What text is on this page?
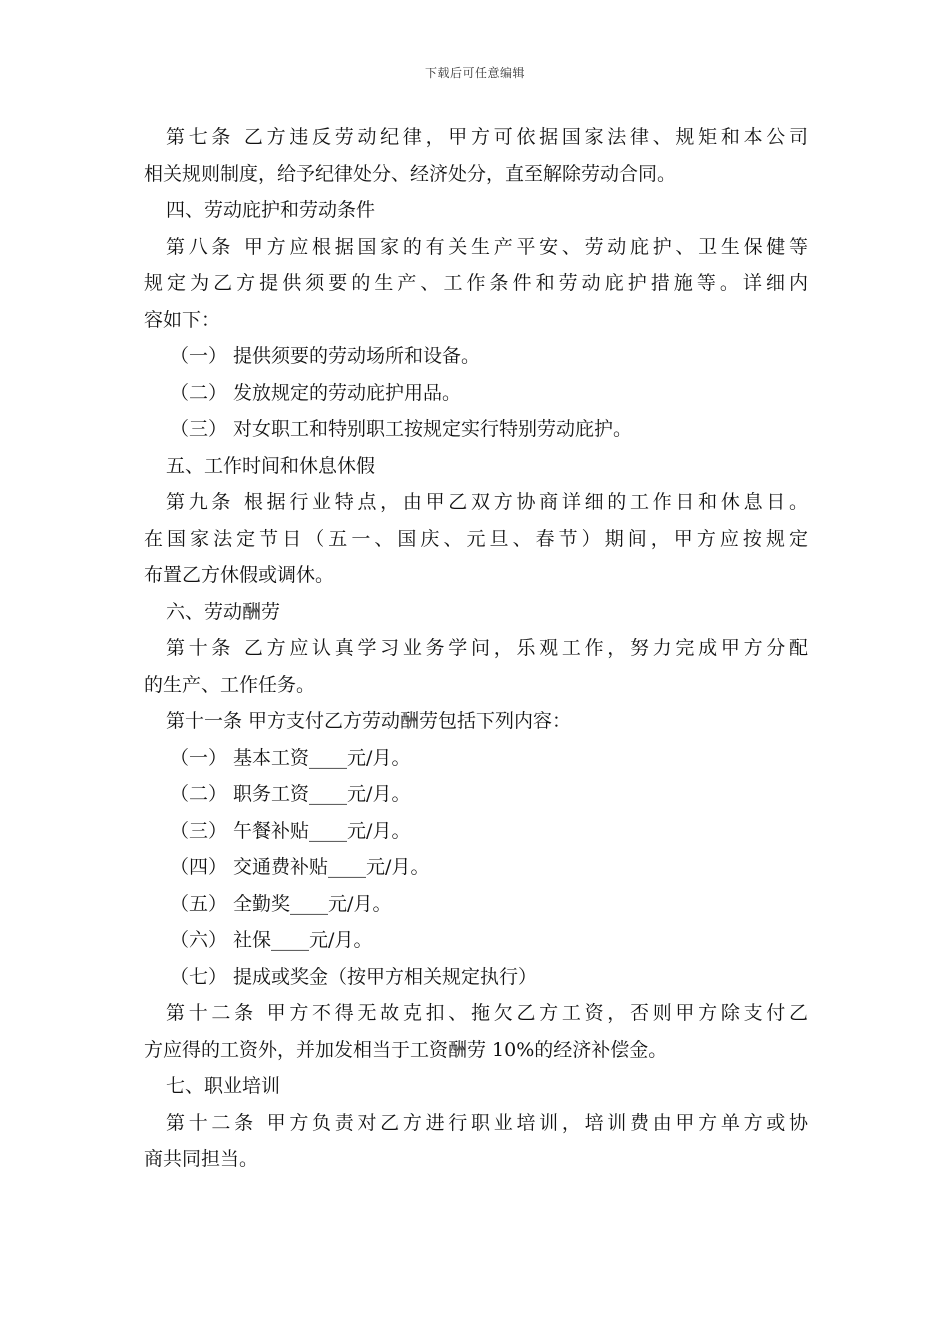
下载后可任意编辑
第七条 乙方违反劳动纪律，甲方可依据国家法律、规矩和本公司
相关规则制度，给予纪律处分、经济处分，直至解除劳动合同。
四、劳动庇护和劳动条件
第八条 甲方应根据国家的有关生产平安、劳动庇护、卫生保健等
规定为乙方提供须要的生产、工作条件和劳动庇护措施等。详细内
容如下：
（一） 提供须要的劳动场所和设备。
（二） 发放规定的劳动庇护用品。
（三） 对女职工和特别职工按规定实行特别劳动庇护。
五、工作时间和休息休假
第九条 根据行业特点，由甲乙双方协商详细的工作日和休息日。
在国家法定节日（五一、国庆、元旦、春节）期间，甲方应按规定
布置乙方休假或调休。
六、劳动酬劳
第十条 乙方应认真学习业务学问，乐观工作，努力完成甲方分配
的生产、工作任务。
第十一条 甲方支付乙方劳动酬劳包括下列内容：
（一） 基本工资____元/月。
（二） 职务工资____元/月。
（三） 午餐补贴____元/月。
（四） 交通费补贴____元/月。
（五） 全勤奖____元/月。
（六） 社保____元/月。
（七） 提成或奖金（按甲方相关规定执行）
第十二条 甲方不得无故克扣、拖欠乙方工资，否则甲方除支付乙
方应得的工资外，并加发相当于工资酬劳 10%的经济补偿金。
七、职业培训
第十二条 甲方负责对乙方进行职业培训，培训费由甲方单方或协
商共同担当。
